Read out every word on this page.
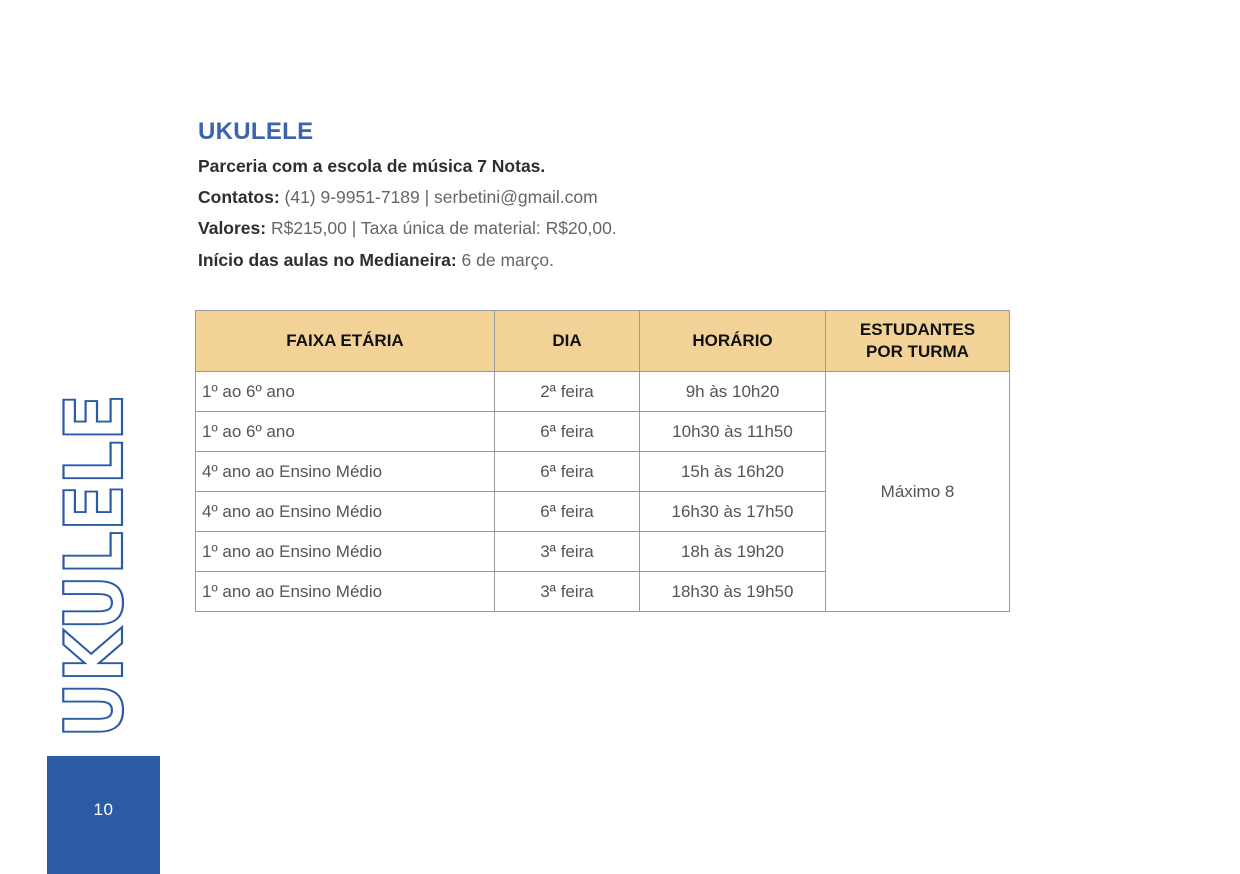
UKULELE
10
UKULELE
Parceria com a escola de música 7 Notas.
Contatos: (41) 9-9951-7189 | serbetini@gmail.com
Valores: R$215,00 | Taxa única de material: R$20,00.
Início das aulas no Medianeira: 6 de março.
FAIXA ETÁRIA	DIA	HORÁRIO	ESTUDANTES
POR TURMA

1º ao 6º ano	2ª feira	9h às 10h20	Máximo 8
1º ao 6º ano	6ª feira	10h30 às 11h50	
4º ano ao Ensino Médio	6ª feira	15h às 16h20	
4º ano ao Ensino Médio	6ª feira	16h30 às 17h50	
1º ano ao Ensino Médio	3ª feira	18h às 19h20	
1º ano ao Ensino Médio	3ª feira	18h30 às 19h50	
